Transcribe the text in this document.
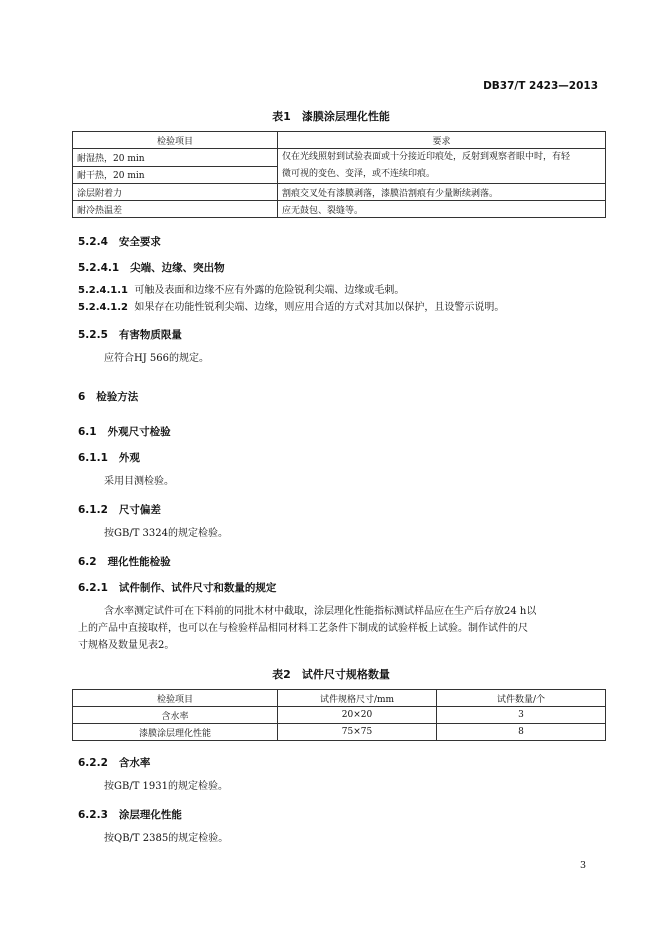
DB37/T 2423—2013
表1　漆膜涂层理化性能
检验项目	要求
耐湿热，20 min	仅在光线照射到试验表面或十分接近印痕处，反射到观察者眼中时，有轻
微可视的变色、变泽，或不连续印痕。

耐干热，20 min	
涂层附着力	割痕交叉处有漆膜剥落，漆膜沿割痕有少量断续剥落。
耐冷热温差	应无鼓包、裂缝等。
5.2.4 安全要求
5.2.4.1 尖端、边缘、突出物
5.2.4.1.1 可触及表面和边缘不应有外露的危险锐利尖端、边缘或毛刺。
5.2.4.1.2 如果存在功能性锐利尖端、边缘，则应用合适的方式对其加以保护，且设警示说明。
5.2.5 有害物质限量
应符合HJ 566的规定。
6 检验方法
6.1 外观尺寸检验
6.1.1 外观
采用目测检验。
6.1.2 尺寸偏差
按GB/T 3324的规定检验。
6.2 理化性能检验
6.2.1 试件制作、试件尺寸和数量的规定
含水率测定试件可在下料前的同批木材中截取，涂层理化性能指标测试样品应在生产后存放24 h以
上的产品中直接取样，也可以在与检验样品相同材料工艺条件下制成的试验样板上试验。制作试件的尺
寸规格及数量见表2。
表2　试件尺寸规格数量
检验项目	试件规格尺寸/mm	试件数量/个
含水率	20×20	3
漆膜涂层理化性能	75×75	8
6.2.2 含水率
按GB/T 1931的规定检验。
6.2.3 涂层理化性能
按QB/T 2385的规定检验。
3
